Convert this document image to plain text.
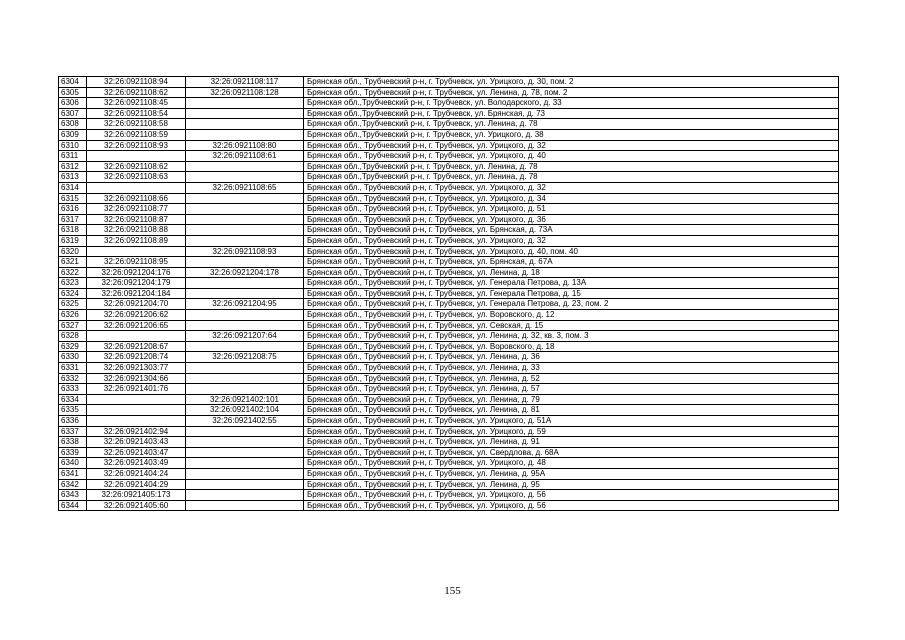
6304	32:26:0921108:94	32:26:0921108:117	Брянская обл., Трубчевский р-н, г. Трубчевск, ул. Урицкого, д. 30, пом. 2
6305	32:26:0921108:62	32:26:0921108:128	Брянская обл., Трубчевский р-н, г. Трубчевск, ул. Ленина, д. 78, пом. 2
6306	32:26:0921108:45		Брянская обл.,Трубчевский р-н, г. Трубчевск, ул. Володарского, д. 33
6307	32:26:0921108:54		Брянская обл.,Трубчевский р-н, г. Трубчевск, ул. Брянская, д. 73
6308	32:26:0921108:58		Брянская обл.,Трубчевский р-н, г. Трубчевск, ул. Ленина, д. 78
6309	32:26:0921108:59		Брянская обл.,Трубчевский р-н, г. Трубчевск, ул. Урицкого, д. 38
6310	32:26:0921108:93	32:26:0921108:80	Брянская обл., Трубчевский р-н, г. Трубчевск, ул. Урицкого, д. 32
6311		32:26:0921108:61	Брянская обл., Трубчевский р-н, г. Трубчевск, ул. Урицкого, д. 40
6312	32:26:0921108:62		Брянская обл.,Трубчевский р-н, г. Трубчевск, ул. Ленина, д. 78
6313	32:26:0921108:63		Брянская обл.,Трубчевский р-н, г. Трубчевск, ул. Ленина, д. 78
6314		32:26:0921108:65	Брянская обл., Трубчевский р-н, г. Трубчевск, ул. Урицкого, д. 32
6315	32:26:0921108:66		Брянская обл., Трубчевский р-н, г. Трубчевск, ул. Урицкого, д. 34
6316	32:26:0921108:77		Брянская обл., Трубчевский р-н, г. Трубчевск, ул. Урицкого, д. 51
6317	32:26:0921108:87		Брянская обл., Трубчевский р-н, г. Трубчевск, ул. Урицкого, д. 36
6318	32:26:0921108:88		Брянская обл., Трубчевский р-н, г. Трубчевск, ул. Брянская, д. 73А
6319	32:26:0921108:89		Брянская обл., Трубчевский р-н, г. Трубчевск, ул. Урицкого, д. 32
6320		32:26:0921108:93	Брянская обл., Трубчевский р-н, г. Трубчевск, ул. Урицкого, д. 40, пом. 40
6321	32:26:0921108:95		Брянская обл., Трубчевский р-н, г. Трубчевск, ул. Брянская, д. 67А
6322	32:26:0921204:176	32:26:0921204:178	Брянская обл., Трубчевский р-н, г. Трубчевск, ул. Ленина, д. 18
6323	32:26:0921204:179		Брянская обл., Трубчевский р-н, г. Трубчевск, ул. Генерала Петрова, д. 13А
6324	32:26:0921204:184		Брянская обл., Трубчевский р-н, г. Трубчевск, ул. Генерала Петрова, д. 15
6325	32:26:0921204:70	32:26:0921204:95	Брянская обл., Трубчевский р-н, г. Трубчевск, ул. Генерала Петрова, д. 23, пом. 2
6326	32:26:0921206:62		Брянская обл., Трубчевский р-н, г. Трубчевск, ул. Воровского, д. 12
6327	32:26:0921206:65		Брянская обл., Трубчевский р-н, г. Трубчевск, ул. Севская, д. 15
6328		32:26:0921207:64	Брянская обл., Трубчевский р-н, г. Трубчевск, ул. Ленина, д. 32, кв. 3, пом. 3
6329	32:26:0921208:67		Брянская обл., Трубчевский р-н, г. Трубчевск, ул. Воровского, д. 18
6330	32:26:0921208:74	32:26:0921208:75	Брянская обл., Трубчевский р-н, г. Трубчевск, ул. Ленина, д. 36
6331	32:26:0921303:77		Брянская обл., Трубчевский р-н, г. Трубчевск, ул. Ленина, д. 33
6332	32:26:0921304:66		Брянская обл., Трубчевский р-н, г. Трубчевск, ул. Ленина, д. 52
6333	32:26:0921401:76		Брянская обл., Трубчевский р-н, г. Трубчевск, ул. Ленина, д. 57
6334		32:26:0921402:101	Брянская обл., Трубчевский р-н, г. Трубчевск, ул. Ленина, д. 79
6335		32:26:0921402:104	Брянская обл., Трубчевский р-н, г. Трубчевск, ул. Ленина, д. 81
6336		32:26:0921402:55	Брянская обл., Трубчевский р-н, г. Трубчевск, ул. Урицкого, д. 51А
6337	32:26:0921402:94		Брянская обл., Трубчевский р-н, г. Трубчевск, ул. Урицкого, д. 59
6338	32:26:0921403:43		Брянская обл., Трубчевский р-н, г. Трубчевск, ул. Ленина, д. 91
6339	32:26:0921403:47		Брянская обл., Трубчевский р-н, г. Трубчевск, ул. Свердлова, д. 68А
6340	32:26:0921403:49		Брянская обл., Трубчевский р-н, г. Трубчевск, ул. Урицкого, д. 48
6341	32:26:0921404:24		Брянская обл., Трубчевский р-н, г. Трубчевск, ул. Ленина, д. 95А
6342	32:26:0921404:29		Брянская обл., Трубчевский р-н, г. Трубчевск, ул. Ленина, д. 95
6343	32:26:0921405:173		Брянская обл., Трубчевский р-н, г. Трубчевск, ул. Урицкого, д. 56
6344	32:26:0921405:60		Брянская обл., Трубчевский р-н, г. Трубчевск, ул. Урицкого, д. 56
155
